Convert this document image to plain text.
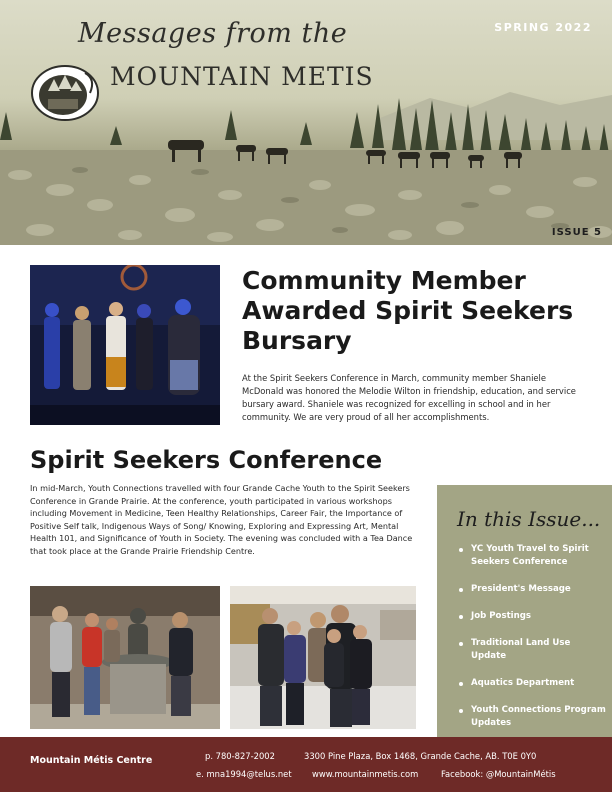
Messages from the
MOUNTAIN METIS
SPRING 2022
ISSUE 5
Community Member Awarded Spirit Seekers Bursary

At the Spirit Seekers Conference in March, community member Shaniele McDonald was honored the Melodie Wilton in friendship, education, and service bursary award. Shaniele was recognized for excelling in school and in her community. We are very proud of all her accomplishments.

Spirit Seekers Conference

In mid-March, Youth Connections travelled with four Grande Cache Youth to the Spirit Seekers Conference in Grande Prairie. At the conference, youth participated in various workshops including Movement in Medicine, Teen Healthy Relationships, Career Fair, the Importance of Positive Self talk, Indigenous Ways of Song/ Knowing, Exploring and Expressing Art, Mental Health 101, and Significance of Youth in Society. The evening was concluded with a Tea Dance that took place at the Grande Prairie Friendship Centre.

In this Issue...
YC Youth Travel to Spirit Seekers Conference
President's Message
Job Postings
Traditional Land Use Update
Aquatics Department
Youth Connections Program Updates
Mountain Métis Centre	p. 780-827-2002	3300 Pine Plaza, Box 1468, Grande Cache, AB. T0E 0Y0
e. mna1994@telus.net www.mountainmetis.com	Facebook: @MountainMétis
